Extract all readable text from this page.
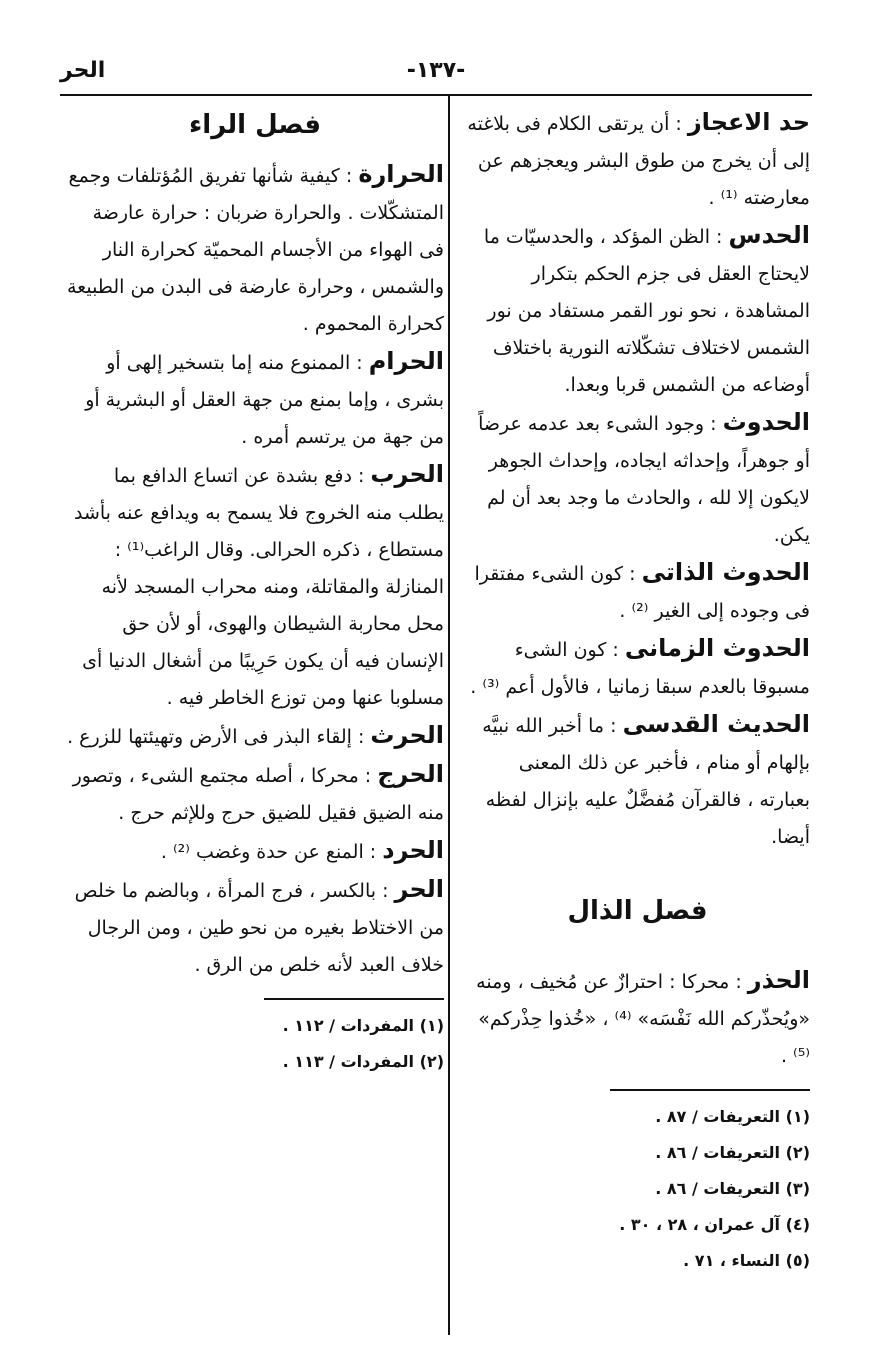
الحر	-١٣٧-

حد الاعجاز : أن يرتقى الكلام فى بلاغته إلى أن يخرج من طوق البشر ويعجزهم عن معارضته ⁽¹⁾ .

الحدس : الظن المؤكد ، والحدسيّات ما لايحتاج العقل فى جزم الحكم بتكرار المشاهدة ، نحو نور القمر مستفاد من نور الشمس لاختلاف تشكّلاته النورية باختلاف أوضاعه من الشمس قربا وبعدا.

الحدوث : وجود الشىء بعد عدمه عرضاً أو جوهراً، وإحداثه ايجاده، وإحداث الجوهر لايكون إلا لله ، والحادث ما وجد بعد أن لم يكن.

الحدوث الذاتى : كون الشىء مفتقرا فى وجوده إلى الغير ⁽²⁾ .

الحدوث الزمانى : كون الشىء مسبوقا بالعدم سبقا زمانيا ، فالأول أعم ⁽³⁾ .

الحديث القدسى : ما أخبر الله نبيَّه بإلهام أو منام ، فأخبر عن ذلك المعنى بعبارته ، فالقرآن مُفضَّلٌ عليه بإنزال لفظه أيضا.

فصل الذال

الحذر : محركا : احترازٌ عن مُخيف ، ومنه «ويُحذّركم الله نَفْسَه» ⁽⁴⁾ ، «خُذوا حِذْركم» ⁽⁵⁾ .

(١) التعريفات / ٨٧ .

(٢) التعريفات / ٨٦ .

(٣) التعريفات / ٨٦ .

(٤) آل عمران ، ٢٨ ، ٣٠ .

(٥) النساء ، ٧١ .

فصل الراء

الحرارة : كيفية شأنها تفريق المُؤتلفات وجمع المتشكّلات . والحرارة ضربان : حرارة عارضة فى الهواء من الأجسام المحميّة كحرارة النار والشمس ، وحرارة عارضة فى البدن من الطبيعة كحرارة المحموم .

الحرام : الممنوع منه إما بتسخير إلهى أو بشرى ، وإما بمنع من جهة العقل أو البشرية أو من جهة من يرتسم أمره .

الحرب : دفع بشدة عن اتساع الدافع بما يطلب منه الخروج فلا يسمح به ويدافع عنه بأشد مستطاع ، ذكره الحرالى. وقال الراغب⁽¹⁾ : المنازلة والمقاتلة، ومنه محراب المسجد لأنه محل محاربة الشيطان والهوى، أو لأن حق الإنسان فيه أن يكون حَرِيبًا من أشغال الدنيا أى مسلوبا عنها ومن توزع الخاطر فيه .

الحرث : إلقاء البذر فى الأرض وتهيئتها للزرع .

الحرج : محركا ، أصله مجتمع الشىء ، وتصور منه الضيق فقيل للضيق حرج وللإثم حرج .

الحرد : المنع عن حدة وغضب ⁽²⁾ .

الحر : بالكسر ، فرج المرأة ، وبالضم ما خلص من الاختلاط بغيره من نحو طين ، ومن الرجال خلاف العبد لأنه خلص من الرق .

(١) المفردات / ١١٢ .

(٢) المفردات / ١١٣ .
